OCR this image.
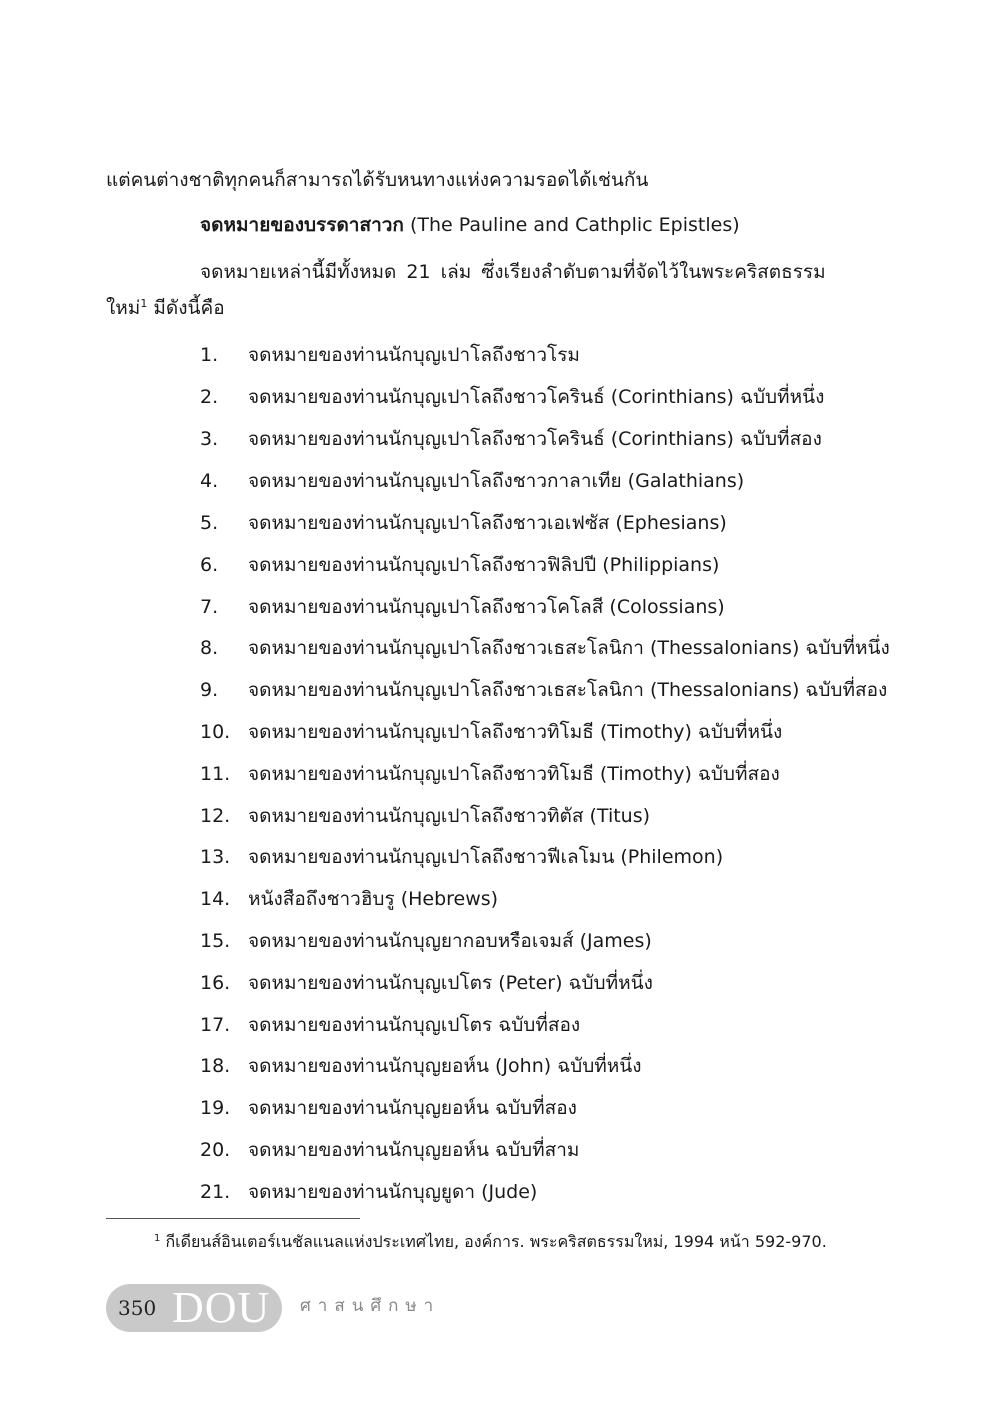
แต่คนต่างชาติทุกคนก็สามารถได้รับหนทางแห่งความรอดได้เช่นกัน
จดหมายของบรรดาสาวก (The Pauline and Cathplic Epistles)
จดหมายเหล่านี้มีทั้งหมด 21 เล่ม ซึ่งเรียงลำดับตามที่จัดไว้ในพระคริสตธรรม
ใหม่$^1$ มีดังนี้คือ
1. จดหมายของท่านนักบุญเปาโลถึงชาวโรม
2. จดหมายของท่านนักบุญเปาโลถึงชาวโครินธ์ (Corinthians) ฉบับที่หนึ่ง
3. จดหมายของท่านนักบุญเปาโลถึงชาวโครินธ์ (Corinthians) ฉบับที่สอง
4. จดหมายของท่านนักบุญเปาโลถึงชาวกาลาเทีย (Galathians)
5. จดหมายของท่านนักบุญเปาโลถึงชาวเอเฟซัส (Ephesians)
6. จดหมายของท่านนักบุญเปาโลถึงชาวฟิลิปปี (Philippians)
7. จดหมายของท่านนักบุญเปาโลถึงชาวโคโลสี (Colossians)
8. จดหมายของท่านนักบุญเปาโลถึงชาวเธสะโลนิกา (Thessalonians) ฉบับที่หนึ่ง
9. จดหมายของท่านนักบุญเปาโลถึงชาวเธสะโลนิกา (Thessalonians) ฉบับที่สอง
10. จดหมายของท่านนักบุญเปาโลถึงชาวทิโมธี (Timothy) ฉบับที่หนึ่ง
11. จดหมายของท่านนักบุญเปาโลถึงชาวทิโมธี (Timothy) ฉบับที่สอง
12. จดหมายของท่านนักบุญเปาโลถึงชาวทิตัส (Titus)
13. จดหมายของท่านนักบุญเปาโลถึงชาวฟีเลโมน (Philemon)
14. หนังสือถึงชาวฮิบรู (Hebrews)
15. จดหมายของท่านนักบุญยากอบหรือเจมส์ (James)
16. จดหมายของท่านนักบุญเปโตร (Peter) ฉบับที่หนึ่ง
17. จดหมายของท่านนักบุญเปโตร ฉบับที่สอง
18. จดหมายของท่านนักบุญยอห์น (John) ฉบับที่หนึ่ง
19. จดหมายของท่านนักบุญยอห์น ฉบับที่สอง
20. จดหมายของท่านนักบุญยอห์น ฉบับที่สาม
21. จดหมายของท่านนักบุญยูดา (Jude)
$^1$ กีเดียนส์อินเตอร์เนชัลแนลแห่งประเทศไทย, องค์การ. พระคริสตธรรมใหม่, 1994 หน้า 592-970.
350 DOU ศาสนศึกษา
